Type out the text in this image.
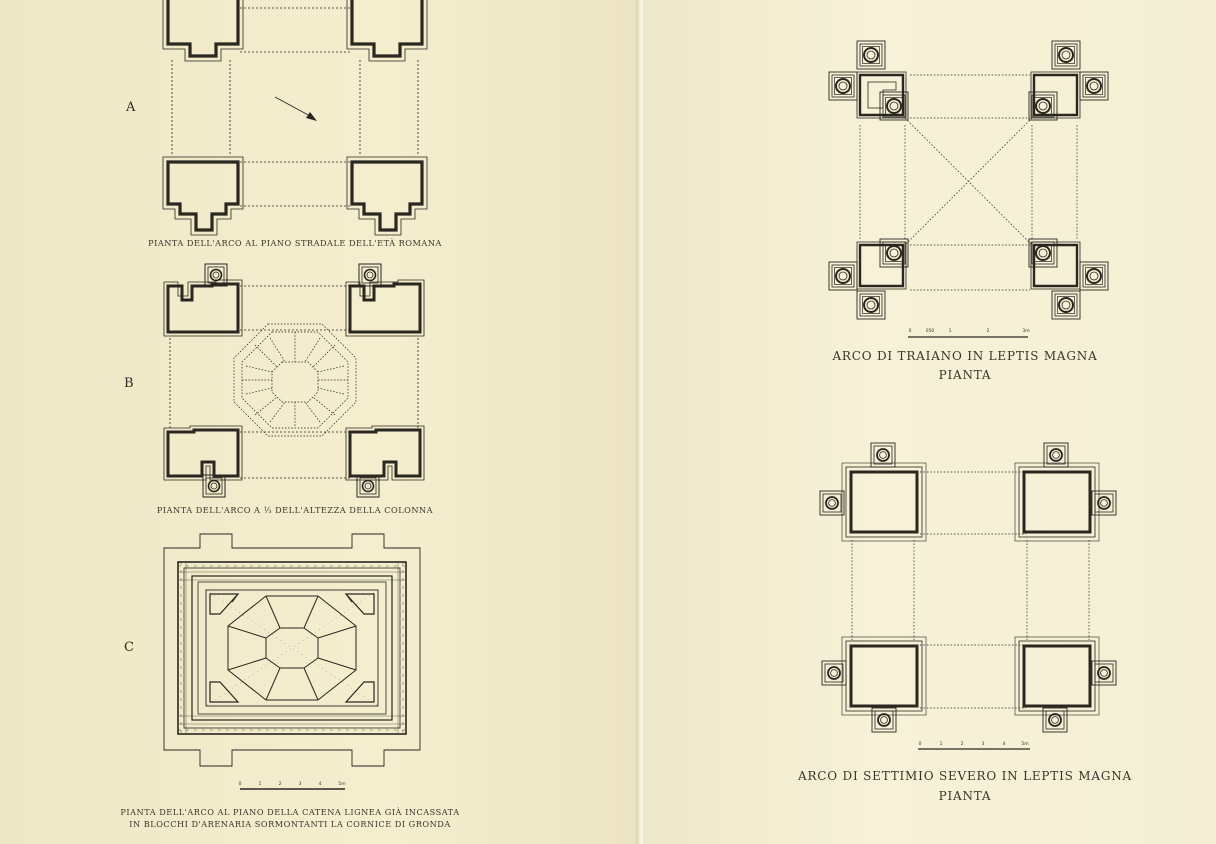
0	1	2	3	4	5m
A
B
C
PIANTA DELL'ARCO AL PIANO STRADALE DELL'ETÀ ROMANA
PIANTA DELL'ARCO A ⅓ DELL'ALTEZZA DELLA COLONNA
PIANTA DELL'ARCO AL PIANO DELLA CATENA LIGNEA GIÀ INCASSATA
IN BLOCCHI D'ARENARIA SORMONTANTI LA CORNICE DI GRONDA
0	050	1	2	3m
0	1	2	3	4	5m
ARCO DI TRAIANO IN LEPTIS MAGNA
PIANTA
ARCO DI SETTIMIO SEVERO IN LEPTIS MAGNA
PIANTA
